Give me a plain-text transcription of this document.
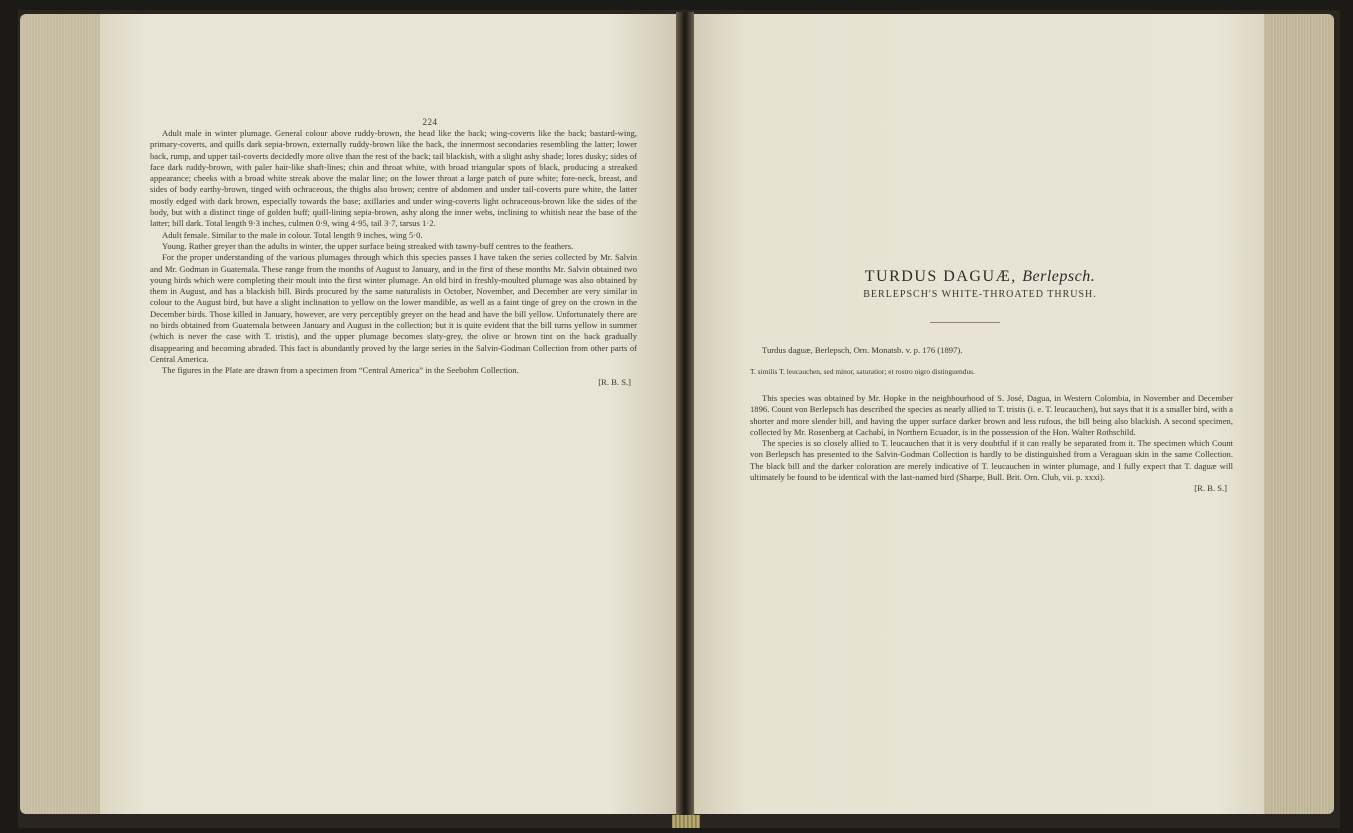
224

Adult male in winter plumage. General colour above ruddy-brown, the head like the back; wing-coverts like the back; bastard-wing, primary-coverts, and quills dark sepia-brown, externally ruddy-brown like the back, the innermost secondaries resembling the latter; lower back, rump, and upper tail-coverts decidedly more olive than the rest of the back; tail blackish, with a slight ashy shade; lores dusky; sides of face dark ruddy-brown, with paler hair-like shaft-lines; chin and throat white, with broad triangular spots of black, producing a streaked appearance; cheeks with a broad white streak above the malar line; on the lower throat a large patch of pure white; fore-neck, breast, and sides of body earthy-brown, tinged with ochraceous, the thighs also brown; centre of abdomen and under tail-coverts pure white, the latter mostly edged with dark brown, especially towards the base; axillaries and under wing-coverts light ochraceous-brown like the sides of the body, but with a distinct tinge of golden buff; quill-lining sepia-brown, ashy along the inner webs, inclining to whitish near the base of the latter; bill dark. Total length 9·3 inches, culmen 0·9, wing 4·95, tail 3·7, tarsus 1·2.

Adult female. Similar to the male in colour. Total length 9 inches, wing 5·0.

Young. Rather greyer than the adults in winter, the upper surface being streaked with tawny-buff centres to the feathers.

For the proper understanding of the various plumages through which this species passes I have taken the series collected by Mr. Salvin and Mr. Godman in Guatemala. These range from the months of August to January, and in the first of these months Mr. Salvin obtained two young birds which were completing their moult into the first winter plumage. An old bird in freshly-moulted plumage was also obtained by them in August, and has a blackish bill. Birds procured by the same naturalists in October, November, and December are very similar in colour to the August bird, but have a slight inclination to yellow on the lower mandible, as well as a faint tinge of grey on the crown in the December birds. Those killed in January, however, are very perceptibly greyer on the head and have the bill yellow. Unfortunately there are no birds obtained from Guatemala between January and August in the collection; but it is quite evident that the bill turns yellow in summer (which is never the case with T. tristis), and the upper plumage becomes slaty-grey, the olive or brown tint on the back gradually disappearing and becoming abraded. This fact is abundantly proved by the large series in the Salvin-Godman Collection from other parts of Central America.

The figures in the Plate are drawn from a specimen from “Central America” in the Seebohm Collection.

[R. B. S.]

TURDUS DAGUÆ, Berlepsch.
BERLEPSCH'S WHITE-THROATED THRUSH.
Turdus daguæ, Berlepsch, Orn. Monatsb. v. p. 176 (1897).
T. similis T. leucauchen, sed minor, saturatior; et rostro nigro distinguendus.

This species was obtained by Mr. Hopke in the neighbourhood of S. José, Dagua, in Western Colombia, in November and December 1896. Count von Berlepsch has described the species as nearly allied to T. tristis (i. e. T. leucauchen), but says that it is a smaller bird, with a shorter and more slender bill, and having the upper surface darker brown and less rufous, the bill being also blackish. A second specimen, collected by Mr. Rosenberg at Cachabí, in Northern Ecuador, is in the possession of the Hon. Walter Rothschild.

The species is so closely allied to T. leucauchen that it is very doubtful if it can really be separated from it. The specimen which Count von Berlepsch has presented to the Salvin-Godman Collection is hardly to be distinguished from a Veraguan skin in the same Collection. The black bill and the darker coloration are merely indicative of T. leucauchen in winter plumage, and I fully expect that T. daguæ will ultimately be found to be identical with the last-named bird (Sharpe, Bull. Brit. Orn. Club, vii. p. xxxi).

[R. B. S.]
